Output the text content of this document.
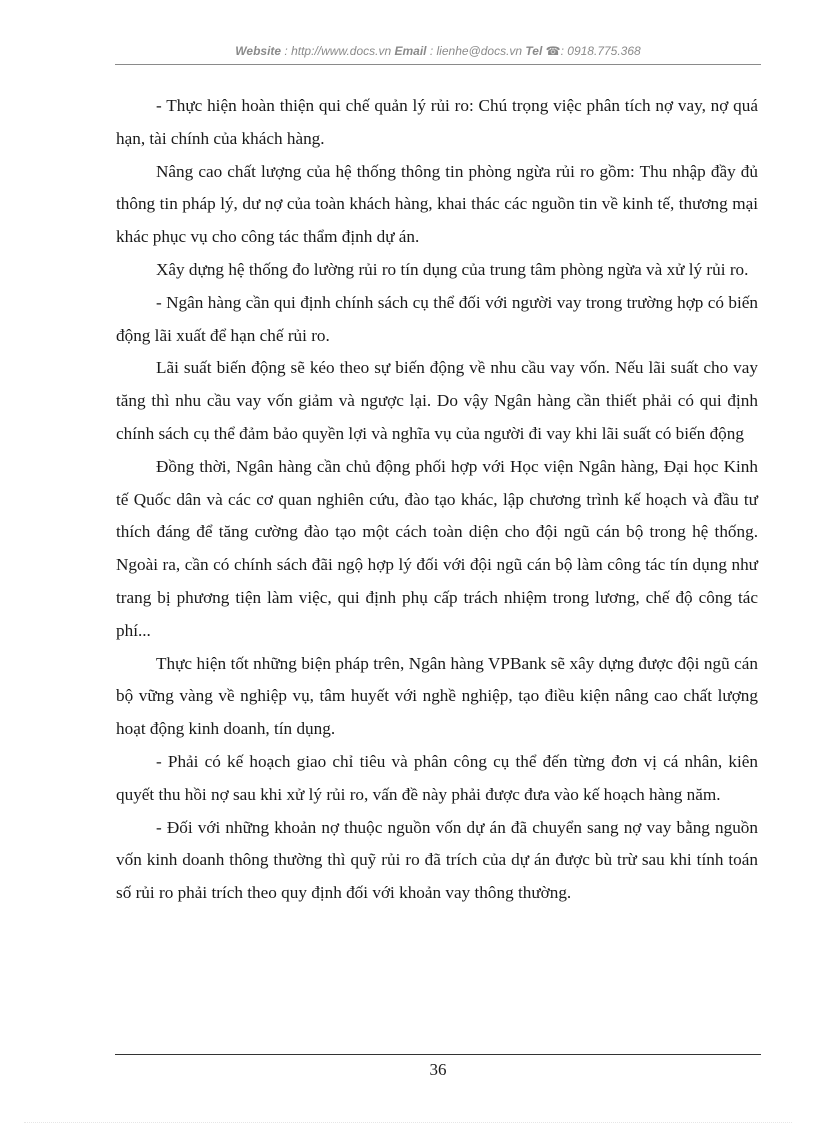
Website : http://www.docs.vn Email : lienhe@docs.vn Tel ☎: 0918.775.368

- Thực hiện hoàn thiện qui chế quản lý rủi ro: Chú trọng việc phân tích nợ vay, nợ quá hạn, tài chính của khách hàng.

Nâng cao chất lượng của hệ thống thông tin phòng ngừa rủi ro gồm: Thu nhập đầy đủ thông tin pháp lý, dư nợ của toàn khách hàng, khai thác các nguồn tin về kinh tế, thương mại khác phục vụ cho công tác thẩm định dự án.

Xây dựng hệ thống đo lường rủi ro tín dụng của trung tâm phòng ngừa và xử lý rủi ro.

- Ngân hàng cần qui định chính sách cụ thể đối với người vay trong trường hợp có biến động lãi xuất để hạn chế rủi ro.

Lãi suất biến động sẽ kéo theo sự biến động về nhu cầu vay vốn. Nếu lãi suất cho vay tăng thì nhu cầu vay vốn giảm và ngược lại. Do vậy Ngân hàng cần thiết phải có qui định chính sách cụ thể đảm bảo quyền lợi và nghĩa vụ của người đi vay khi lãi suất có biến động

Đồng thời, Ngân hàng cần chủ động phối hợp với Học viện Ngân hàng, Đại học Kinh tế Quốc dân và các cơ quan nghiên cứu, đào tạo khác, lập chương trình kế hoạch và đầu tư thích đáng để tăng cường đào tạo một cách toàn diện cho đội ngũ cán bộ trong hệ thống. Ngoài ra, cần có chính sách đãi ngộ hợp lý đối với đội ngũ cán bộ làm công tác tín dụng như trang bị phương tiện làm việc, qui định phụ cấp trách nhiệm trong lương, chế độ công tác phí...

Thực hiện tốt những biện pháp trên, Ngân hàng VPBank sẽ xây dựng được đội ngũ cán bộ vững vàng về nghiệp vụ, tâm huyết với nghề nghiệp, tạo điều kiện nâng cao chất lượng hoạt động kinh doanh, tín dụng.

- Phải có kế hoạch giao chỉ tiêu và phân công cụ thể đến từng đơn vị cá nhân, kiên quyết thu hồi nợ sau khi xử lý rủi ro, vấn đề này phải được đưa vào kế hoạch hàng năm.

- Đối với những khoản nợ thuộc nguồn vốn dự án đã chuyển sang nợ vay bằng nguồn vốn kinh doanh thông thường thì quỹ rủi ro đã trích của dự án được bù trừ sau khi tính toán số rủi ro phải trích theo quy định đối với khoản vay thông thường.

36
